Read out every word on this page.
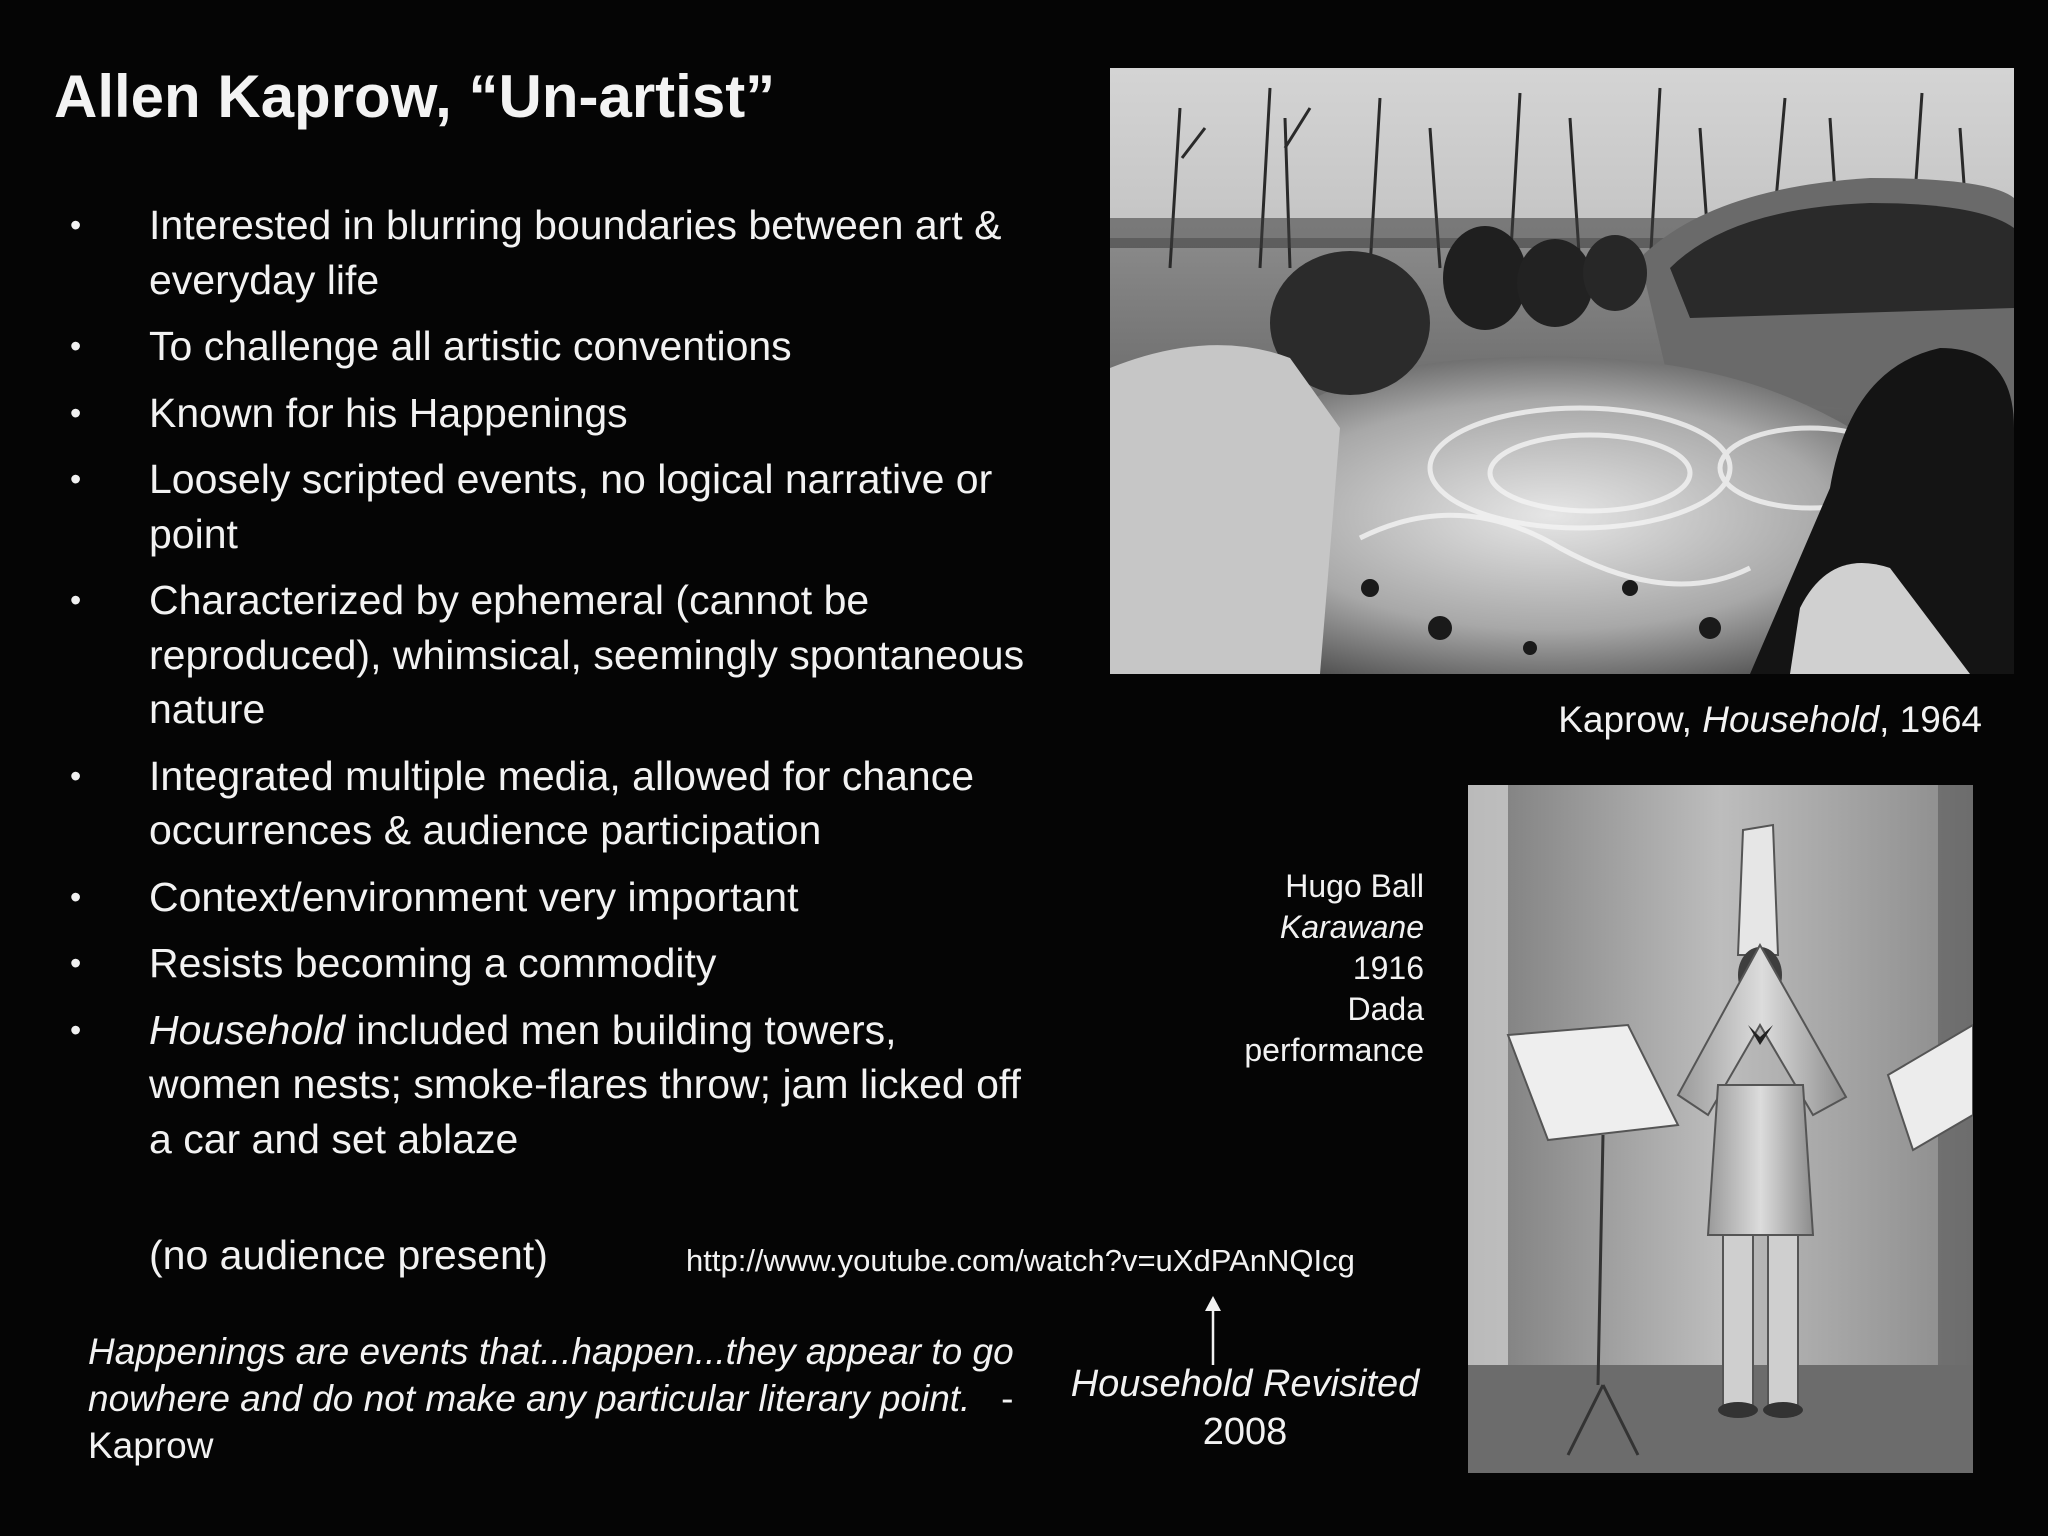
Allen Kaprow, “Un-artist”
• Interested in blurring boundaries between art & everyday life
• To challenge all artistic conventions
• Known for his Happenings
• Loosely scripted events, no logical narrative or point
• Characterized by ephemeral (cannot be reproduced), whimsical, seemingly spontaneous nature
• Integrated multiple media, allowed for chance occurrences & audience participation
• Context/environment very important
• Resists becoming a commodity
• Household included men building towers, women nests; smoke-flares throw; jam licked off a car and set ablaze
(no audience present)	http://www.youtube.com/watch?v=uXdPAnNQIcg
Happenings are events that...happen...they appear to go nowhere and do not make any particular literary point. -Kaprow
Kaprow, Household, 1964
Hugo Ball
Karawane
1916
Dada
performance
Household Revisited
2008
